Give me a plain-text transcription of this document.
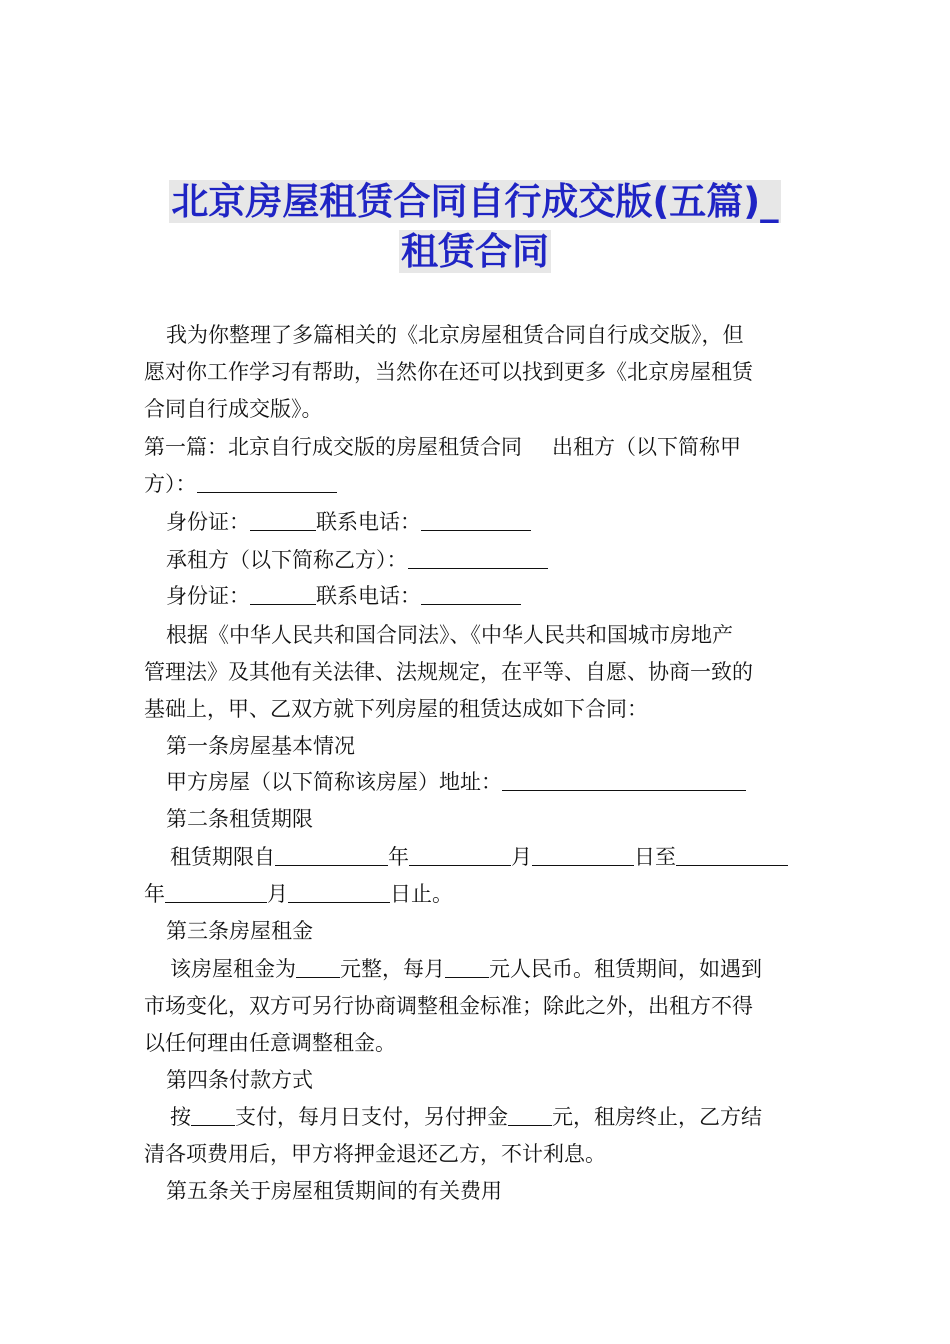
北京房屋租赁合同自行成交版(五篇)_
租赁合同
我为你整理了多篇相关的《北京房屋租赁合同自行成交版》，但
愿对你工作学习有帮助，当然你在还可以找到更多《北京房屋租赁
合同自行成交版》。
第一篇：北京自行成交版的房屋租赁合同 出租方（以下简称甲
方）：
身份证：	联系电话：
承租方（以下简称乙方）：
身份证：	联系电话：
根据《中华人民共和国合同法》、《中华人民共和国城市房地产
管理法》及其他有关法律、法规规定，在平等、自愿、协商一致的
基础上，甲、乙双方就下列房屋的租赁达成如下合同：
第一条房屋基本情况
甲方房屋（以下简称该房屋）地址：
第二条租赁期限
租赁期限自	年	月	日至
年	月	日止。
第三条房屋租金
该房屋租金为 元整，每月 元人民币。租赁期间，如遇到
市场变化，双方可另行协商调整租金标准；除此之外，出租方不得
以任何理由任意调整租金。
第四条付款方式
按 支付，每月日支付，另付押金 元，租房终止，乙方结
清各项费用后，甲方将押金退还乙方，不计利息。
第五条关于房屋租赁期间的有关费用
